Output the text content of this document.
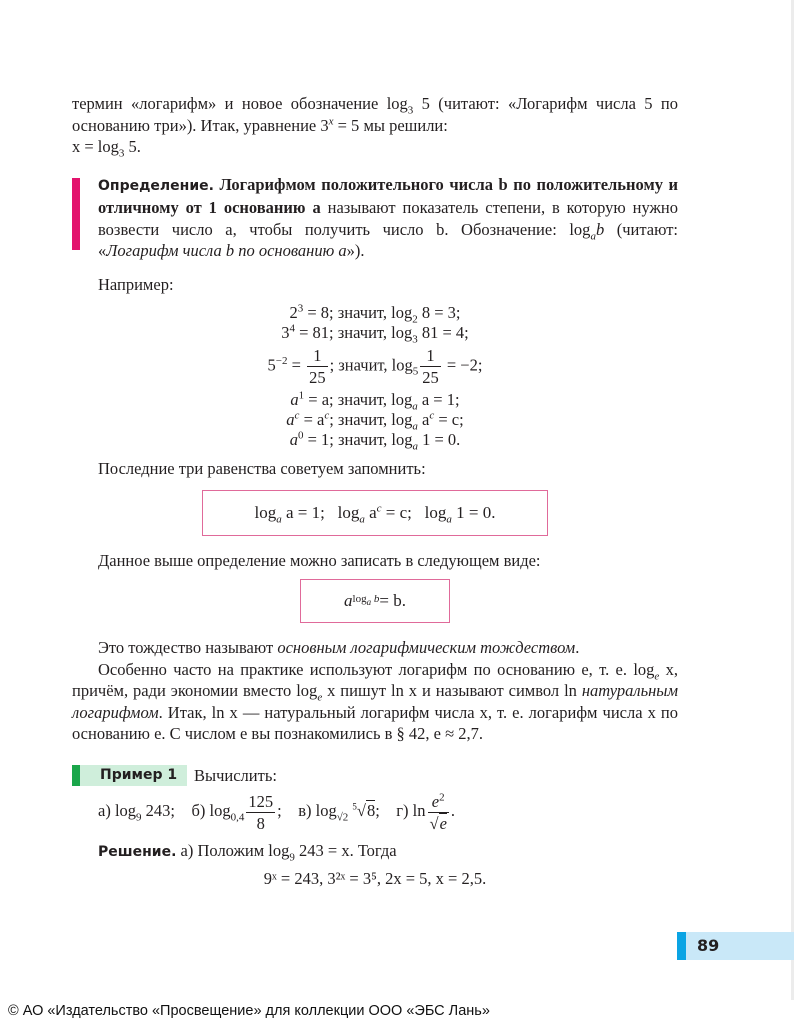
термин «логарифм» и новое обозначение $\log_3 5$ (читают: «Логарифм числа 5 по основанию три»). Итак, уравнение $3^x = 5$ мы решили:
$x = \log_3 5$.

Определение. Логарифмом положительного числа b по положительному и отличному от 1 основанию a называют показатель степени, в которую нужно возвести число a, чтобы получить число b. Обозначение: $\log_ab$ (читают: «Логарифм числа b по основанию a»).

Например:

$2^3 = 8$; значит, $\log_2 8 = 3$;
$3^4 = 81$; значит, $\log_3 81 = 4$;
$5^{-2} = \frac{1}{25}$ ; значит, $\log_5 \frac{1}{25} = -2$;
$a^1 = a$; значит, $\log_a a = 1$;
$a^c = a^c$; значит, $\log_a a^c = c$;
$a^0 = 1$; значит, $\log_a 1 = 0$.

Последние три равенства советуем запомнить:

$\log_a a = 1$;
$\log_a a^c = c$;
$\log_a 1 = 0$.

Данное выше определение можно записать в следующем виде:

a $\log_a b = b$.

Это тождество называют основным логарифмическим тождеством.

Особенно часто на практике используют логарифм по основанию e, т. е. $\log_e x$, причём, ради экономии вместо $\log_e x$ пишут ln x и называют символ ln натуральным логарифмом. Итак, ln x — натуральный логарифм числа x, т. е. логарифм числа x по основанию e. С числом e вы познакомились в § 42, e ≈ 2,7.

Пример 1 Вычислить:
а) $\log_9 243$; б) $\log_{0,4} \frac{125}{8}$ ; в) $\log_{√2} ^5√8$; г) $\ln \frac{e^2}{√e}$ .

Решение. а) Положим $\log_9 243 = x$. Тогда

9ˣ = 243, 3²ˣ = 3⁵, 2x = 5, x = 2,5.

89
© АО «Издательство «Просвещение» для коллекции ООО «ЭБС Лань»
